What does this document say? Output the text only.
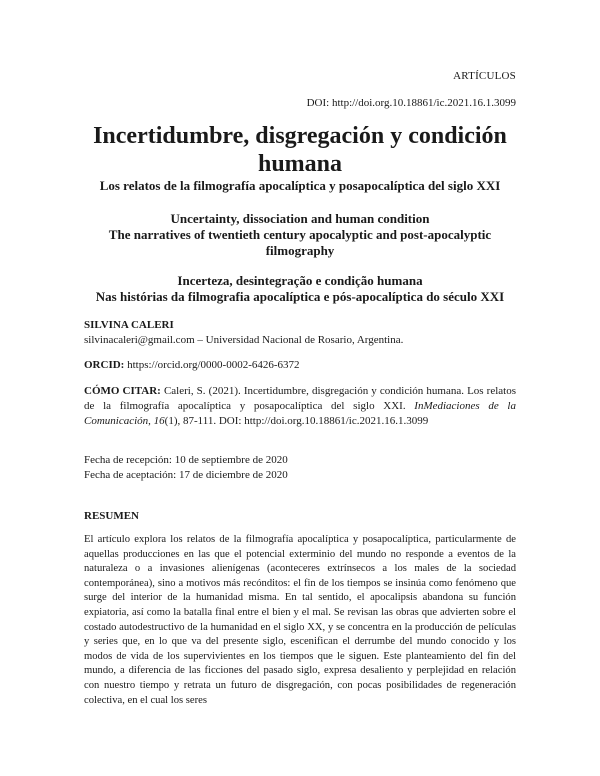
ARTÍCULOS
DOI: http://doi.org.10.18861/ic.2021.16.1.3099
Incertidumbre, disgregación y condición humana
Los relatos de la filmografía apocalíptica y posapocalíptica del siglo XXI
Uncertainty, dissociation and human condition
The narratives of twentieth century apocalyptic and post-apocalyptic filmography
Incerteza, desintegração e condição humana
Nas histórias da filmografia apocalíptica e pós-apocalíptica do século XXI
SILVINA CALERI
silvinacaleri@gmail.com – Universidad Nacional de Rosario, Argentina.
ORCID: https://orcid.org/0000-0002-6426-6372
CÓMO CITAR: Caleri, S. (2021). Incertidumbre, disgregación y condición humana. Los relatos de la filmografía apocalíptica y posapocalíptica del siglo XXI. InMediaciones de la Comunicación, 16(1), 87-111. DOI: http://doi.org.10.18861/ic.2021.16.1.3099
Fecha de recepción: 10 de septiembre de 2020
Fecha de aceptación: 17 de diciembre de 2020
RESUMEN
El artículo explora los relatos de la filmografía apocalíptica y posapocalíptica, particularmente de aquellas producciones en las que el potencial exterminio del mundo no responde a eventos de la naturaleza o a invasiones alienígenas (aconteceres extrínsecos a los males de la sociedad contemporánea), sino a motivos más recónditos: el fin de los tiempos se insinúa como fenómeno que surge del interior de la humanidad misma. En tal sentido, el apocalipsis abandona su función expiatoria, así como la batalla final entre el bien y el mal. Se revisan las obras que advierten sobre el costado autodestructivo de la humanidad en el siglo XX, y se concentra en la producción de películas y series que, en lo que va del presente siglo, escenifican el derrumbe del mundo conocido y los modos de vida de los supervivientes en los tiempos que le siguen. Este planteamiento del fin del mundo, a diferencia de las ficciones del pasado siglo, expresa desaliento y perplejidad en relación con nuestro tiempo y retrata un futuro de disgregación, con pocas posibilidades de regeneración colectiva, en el cual los seres
